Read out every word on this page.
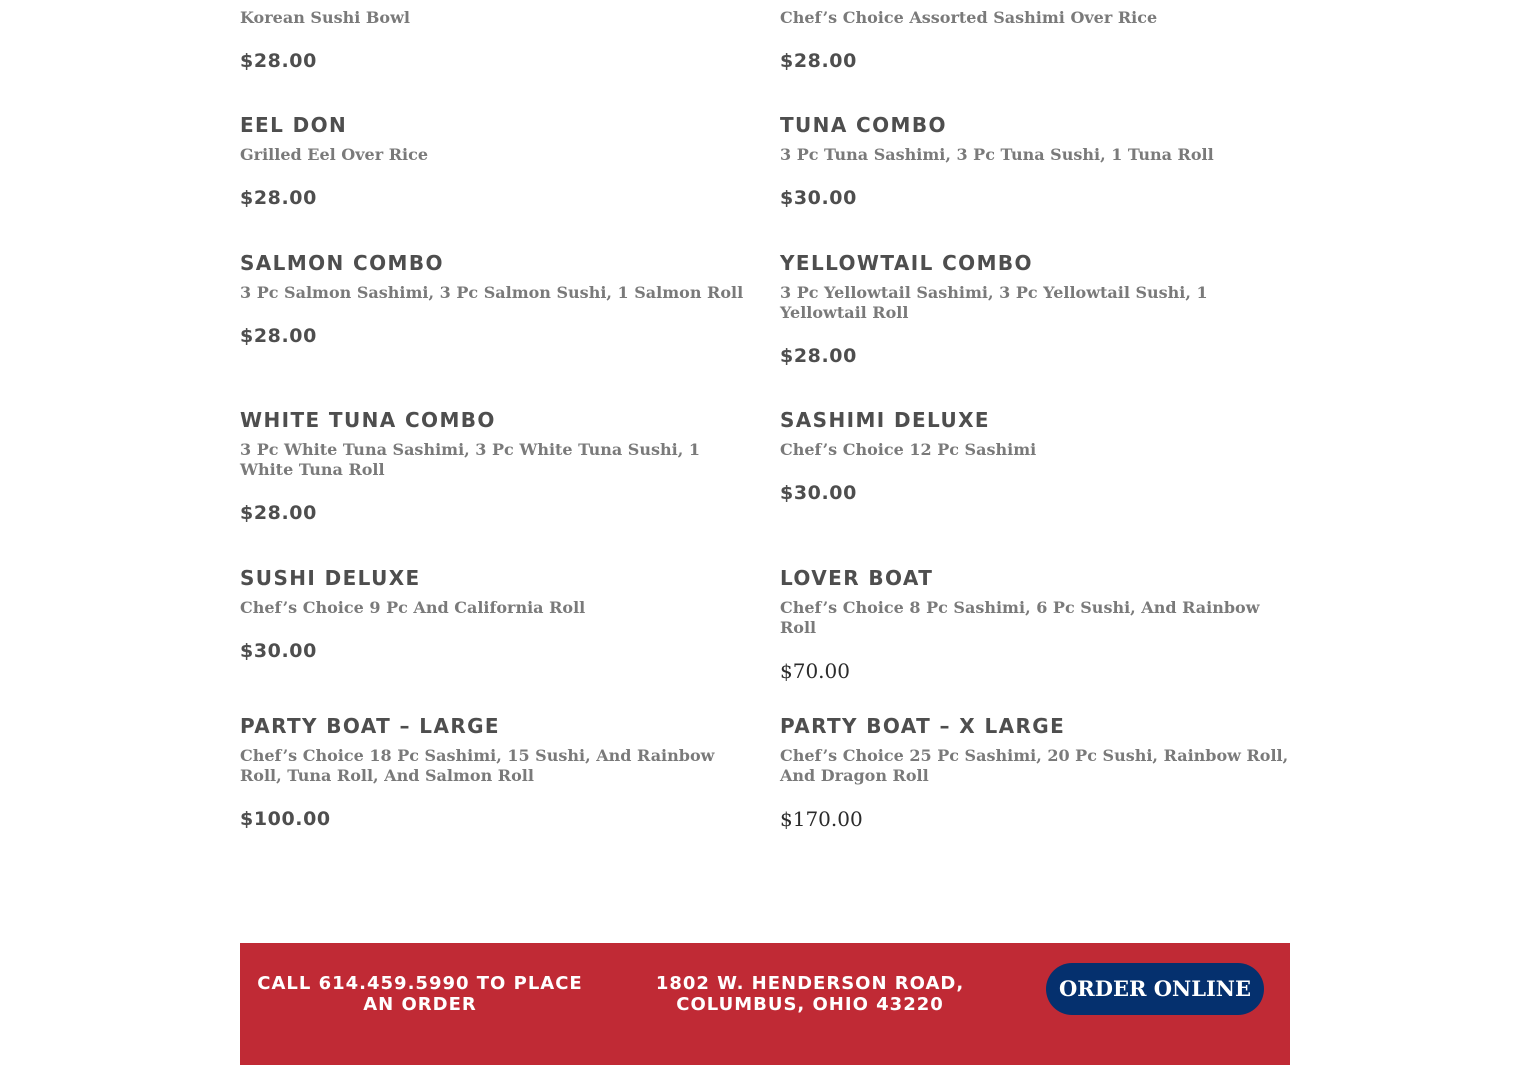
Korean Sushi Bowl
$28.00
Chef’s Choice Assorted Sashimi Over Rice
$28.00
EEL DON
Grilled Eel Over Rice
$28.00
TUNA COMBO
3 Pc Tuna Sashimi, 3 Pc Tuna Sushi, 1 Tuna Roll
$30.00
SALMON COMBO
3 Pc Salmon Sashimi, 3 Pc Salmon Sushi, 1 Salmon Roll
$28.00
YELLOWTAIL COMBO
3 Pc Yellowtail Sashimi, 3 Pc Yellowtail Sushi, 1 Yellowtail Roll
$28.00
WHITE TUNA COMBO
3 Pc White Tuna Sashimi, 3 Pc White Tuna Sushi, 1 White Tuna Roll
$28.00
SASHIMI DELUXE
Chef’s Choice 12 Pc Sashimi
$30.00
SUSHI DELUXE
Chef’s Choice 9 Pc And California Roll
$30.00
LOVER BOAT
Chef’s Choice 8 Pc Sashimi, 6 Pc Sushi, And Rainbow Roll
$70.00
PARTY BOAT – LARGE
Chef’s Choice 18 Pc Sashimi, 15 Sushi, And Rainbow Roll, Tuna Roll, And Salmon Roll
$100.00
PARTY BOAT – X LARGE
Chef’s Choice 25 Pc Sashimi, 20 Pc Sushi, Rainbow Roll, And Dragon Roll
$170.00
CALL 614.459.5990 TO PLACE AN ORDER
1802 W. HENDERSON ROAD, COLUMBUS, OHIO 43220
ORDER ONLINE
